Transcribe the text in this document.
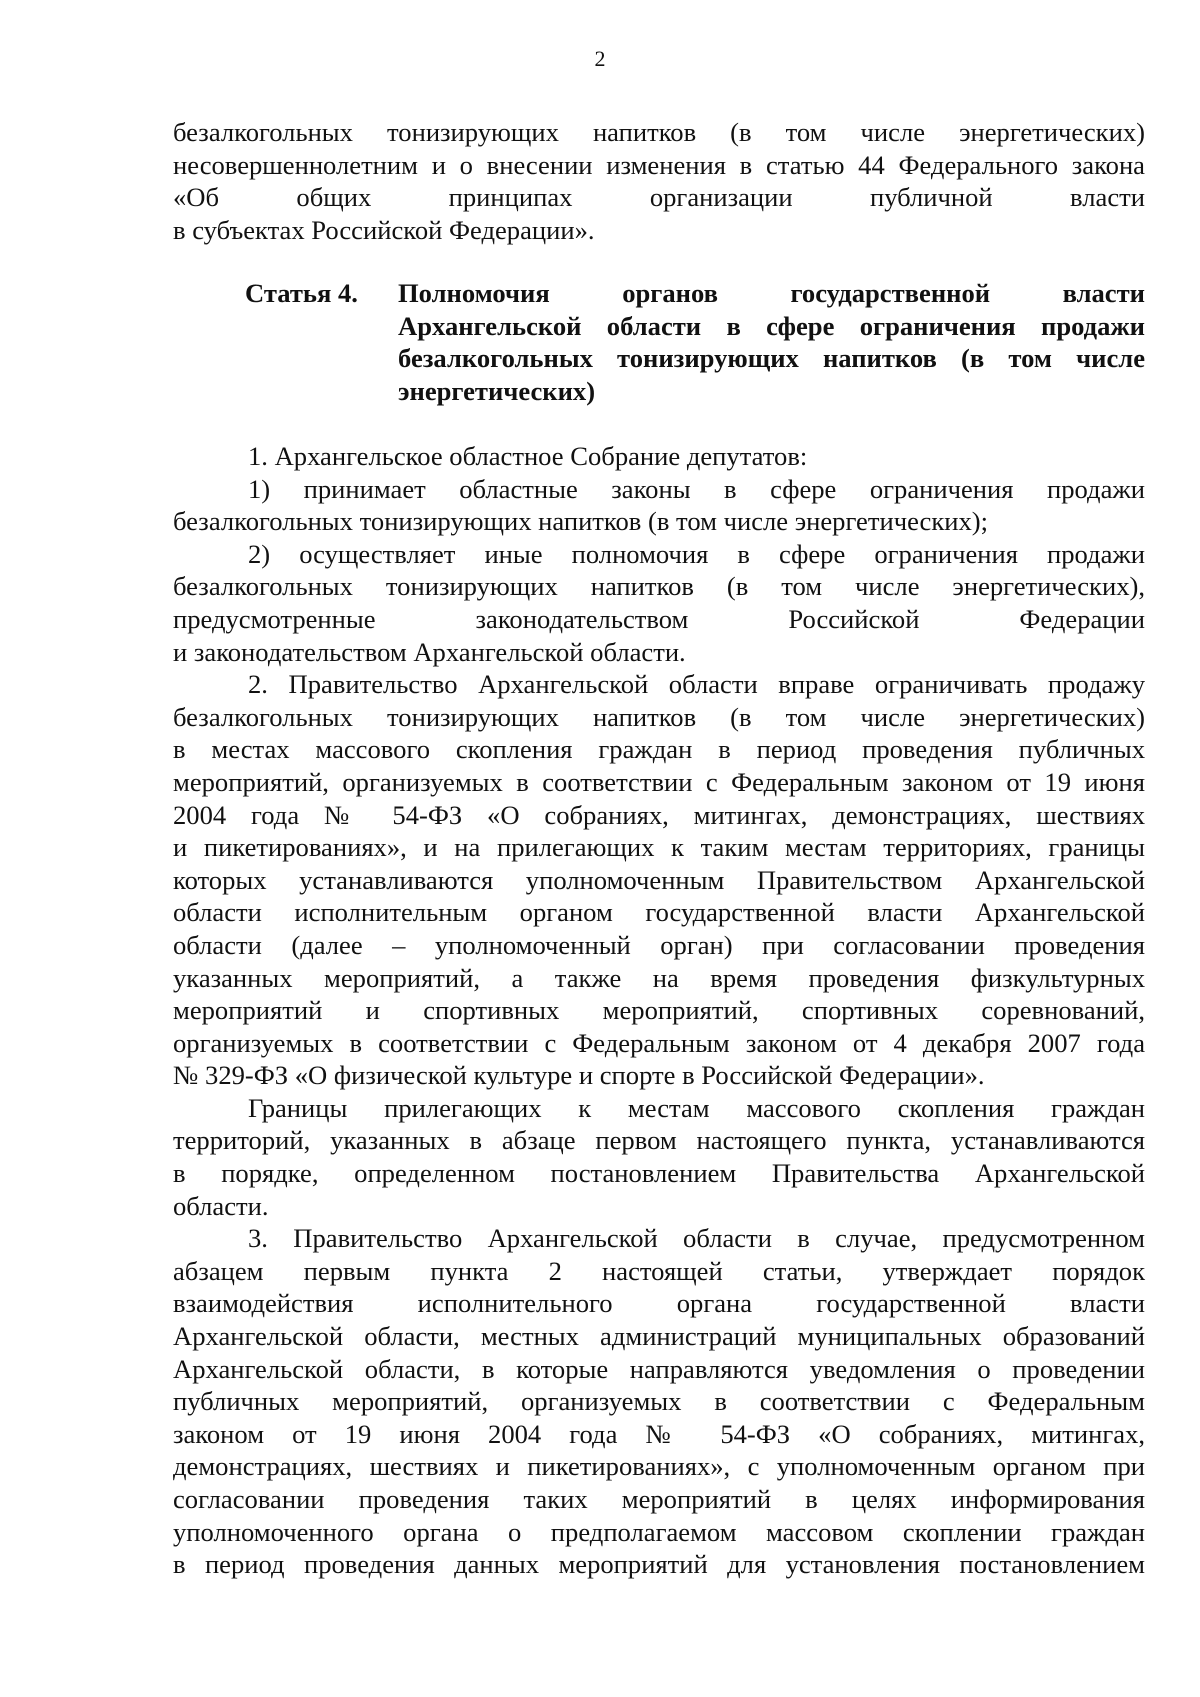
2
безалкогольных тонизирующих напитков (в том числе энергетических)
несовершеннолетним и о внесении изменения в статью 44 Федерального закона
«Об общих принципах организации публичной власти
в субъектах Российской Федерации».
Статья 4. Полномочия органов государственной власти
Архангельской области в сфере ограничения продажи
безалкогольных тонизирующих напитков (в том числе
энергетических)
1. Архангельское областное Собрание депутатов:
1) принимает областные законы в сфере ограничения продажи
безалкогольных тонизирующих напитков (в том числе энергетических);
2) осуществляет иные полномочия в сфере ограничения продажи
безалкогольных тонизирующих напитков (в том числе энергетических),
предусмотренные законодательством Российской Федерации
и законодательством Архангельской области.
2. Правительство Архангельской области вправе ограничивать продажу
безалкогольных тонизирующих напитков (в том числе энергетических)
в местах массового скопления граждан в период проведения публичных
мероприятий, организуемых в соответствии с Федеральным законом от 19 июня
2004 года № 54-ФЗ «О собраниях, митингах, демонстрациях, шествиях
и пикетированиях», и на прилегающих к таким местам территориях, границы
которых устанавливаются уполномоченным Правительством Архангельской
области исполнительным органом государственной власти Архангельской
области (далее – уполномоченный орган) при согласовании проведения
указанных мероприятий, а также на время проведения физкультурных
мероприятий и спортивных мероприятий, спортивных соревнований,
организуемых в соответствии с Федеральным законом от 4 декабря 2007 года
№ 329-ФЗ «О физической культуре и спорте в Российской Федерации».
Границы прилегающих к местам массового скопления граждан
территорий, указанных в абзаце первом настоящего пункта, устанавливаются
в порядке, определенном постановлением Правительства Архангельской
области.
3. Правительство Архангельской области в случае, предусмотренном
абзацем первым пункта 2 настоящей статьи, утверждает порядок
взаимодействия исполнительного органа государственной власти
Архангельской области, местных администраций муниципальных образований
Архангельской области, в которые направляются уведомления о проведении
публичных мероприятий, организуемых в соответствии с Федеральным
законом от 19 июня 2004 года № 54-ФЗ «О собраниях, митингах,
демонстрациях, шествиях и пикетированиях», с уполномоченным органом при
согласовании проведения таких мероприятий в целях информирования
уполномоченного органа о предполагаемом массовом скоплении граждан
в период проведения данных мероприятий для установления постановлением
